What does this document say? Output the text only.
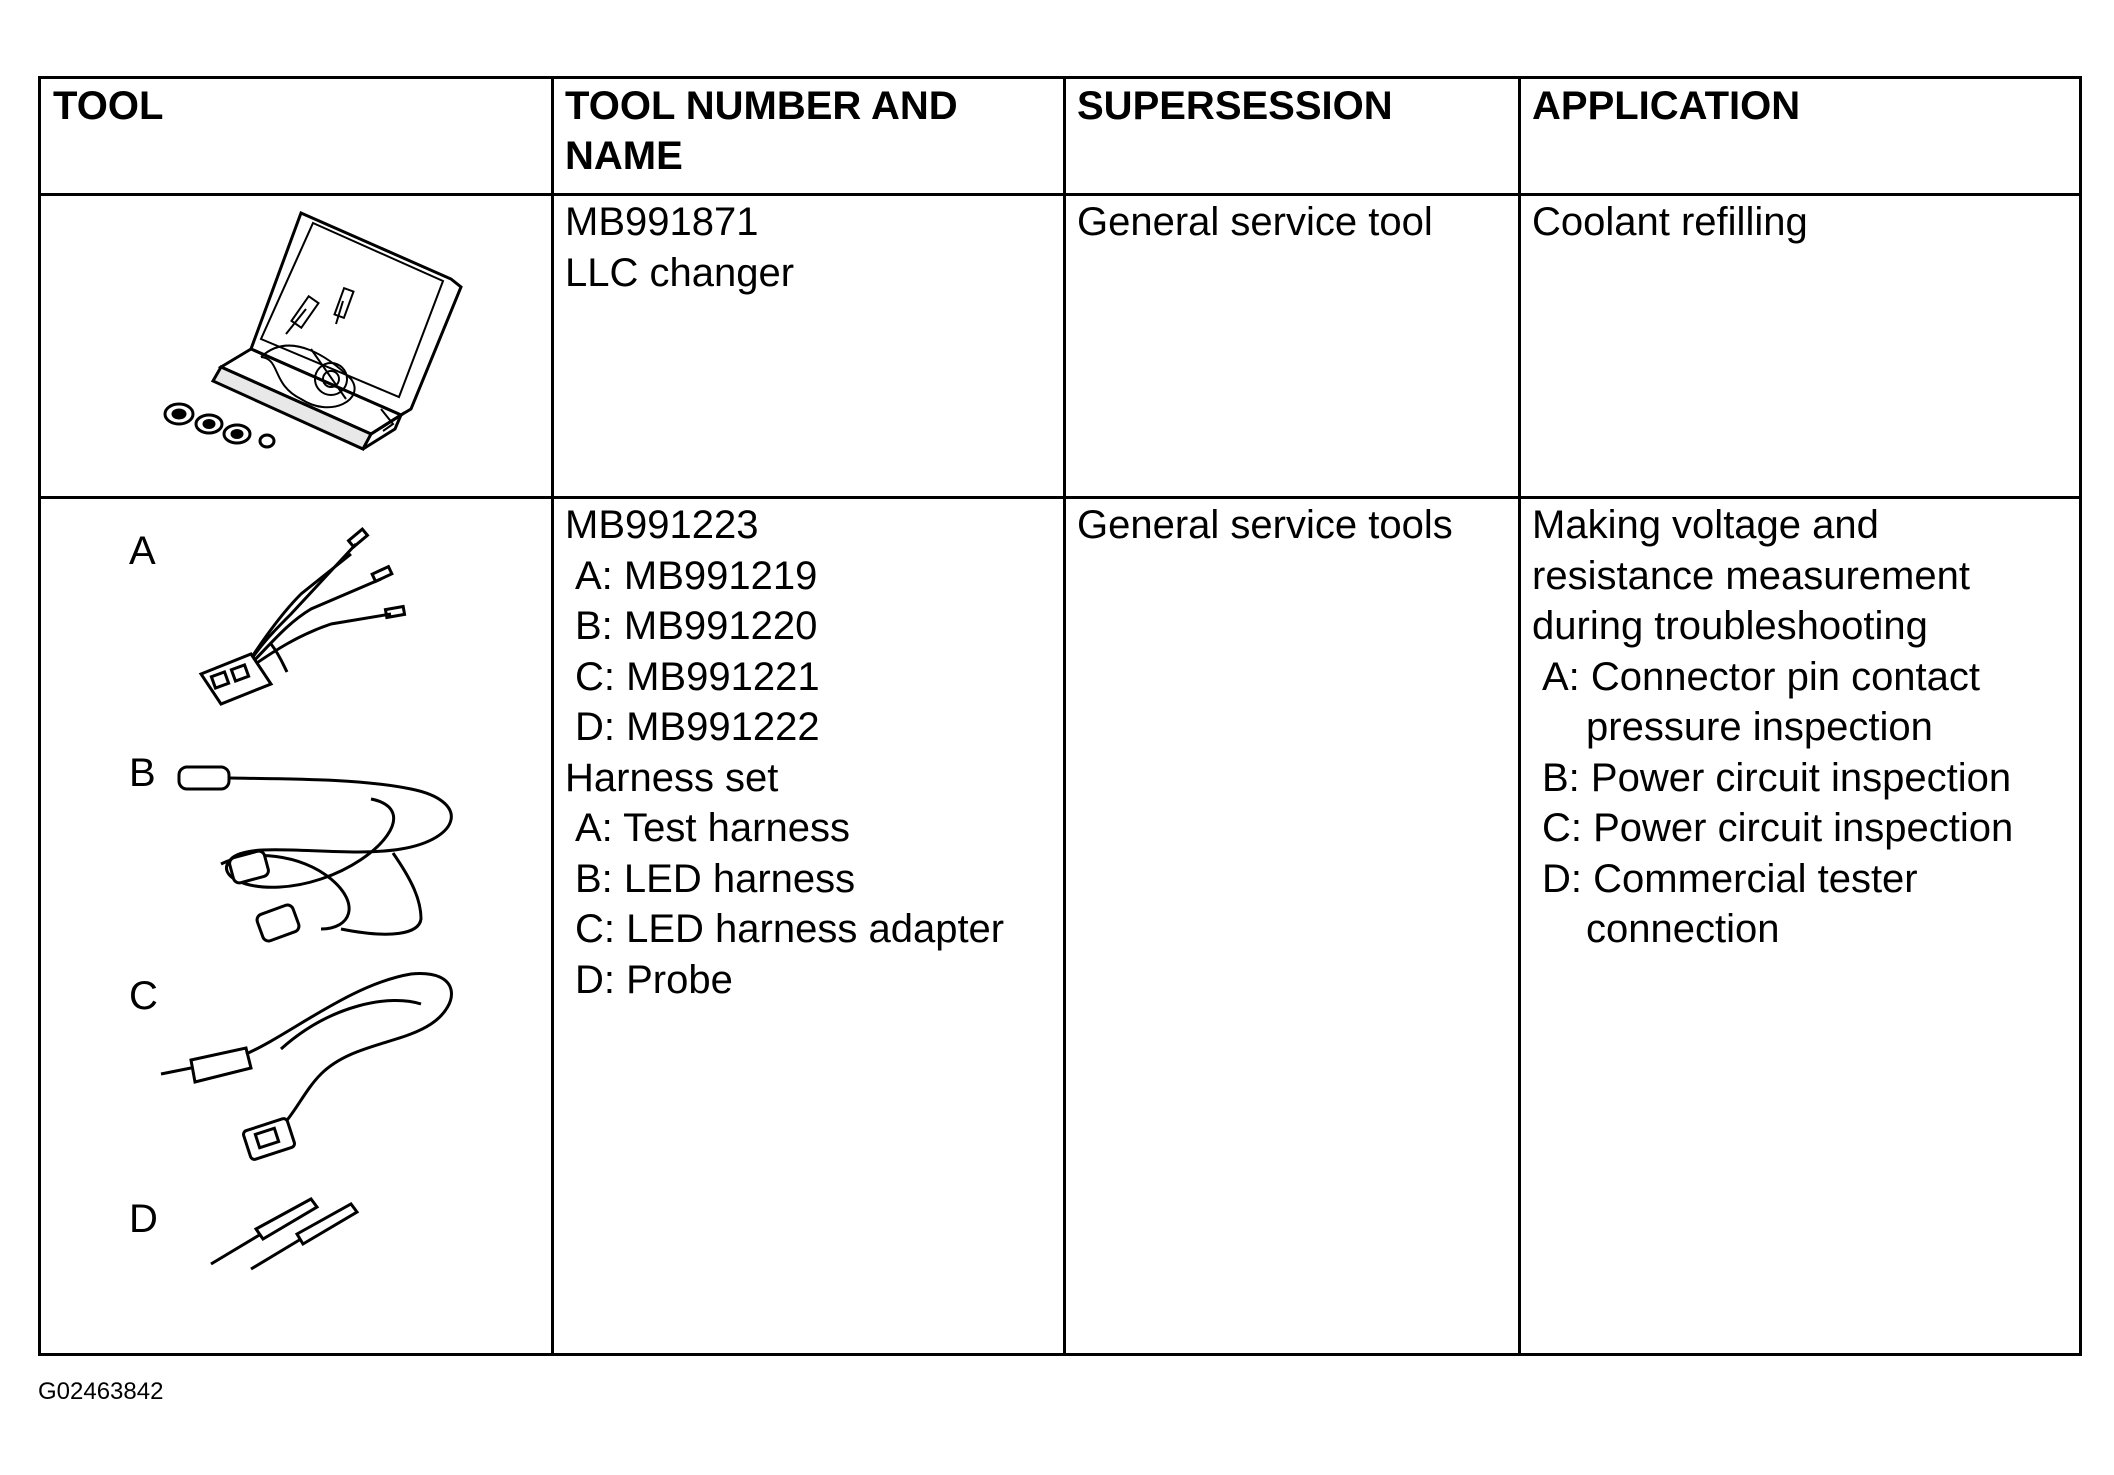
TOOL	TOOL NUMBER AND
NAME
SUPERSESSION	APPLICATION
MB991871
LLC changer
General service tool Coolant refilling
A
B
C
D
MB991223
A: MB991219
B: MB991220
C: MB991221
D: MB991222
Harness set
A: Test harness
B: LED harness
C: LED harness adapter
D: Probe
General service tools Making voltage and
resistance measurement
during troubleshooting
A: Connector pin contact
pressure inspection
B: Power circuit inspection
C: Power circuit inspection
D: Commercial tester
connection
G02463842
